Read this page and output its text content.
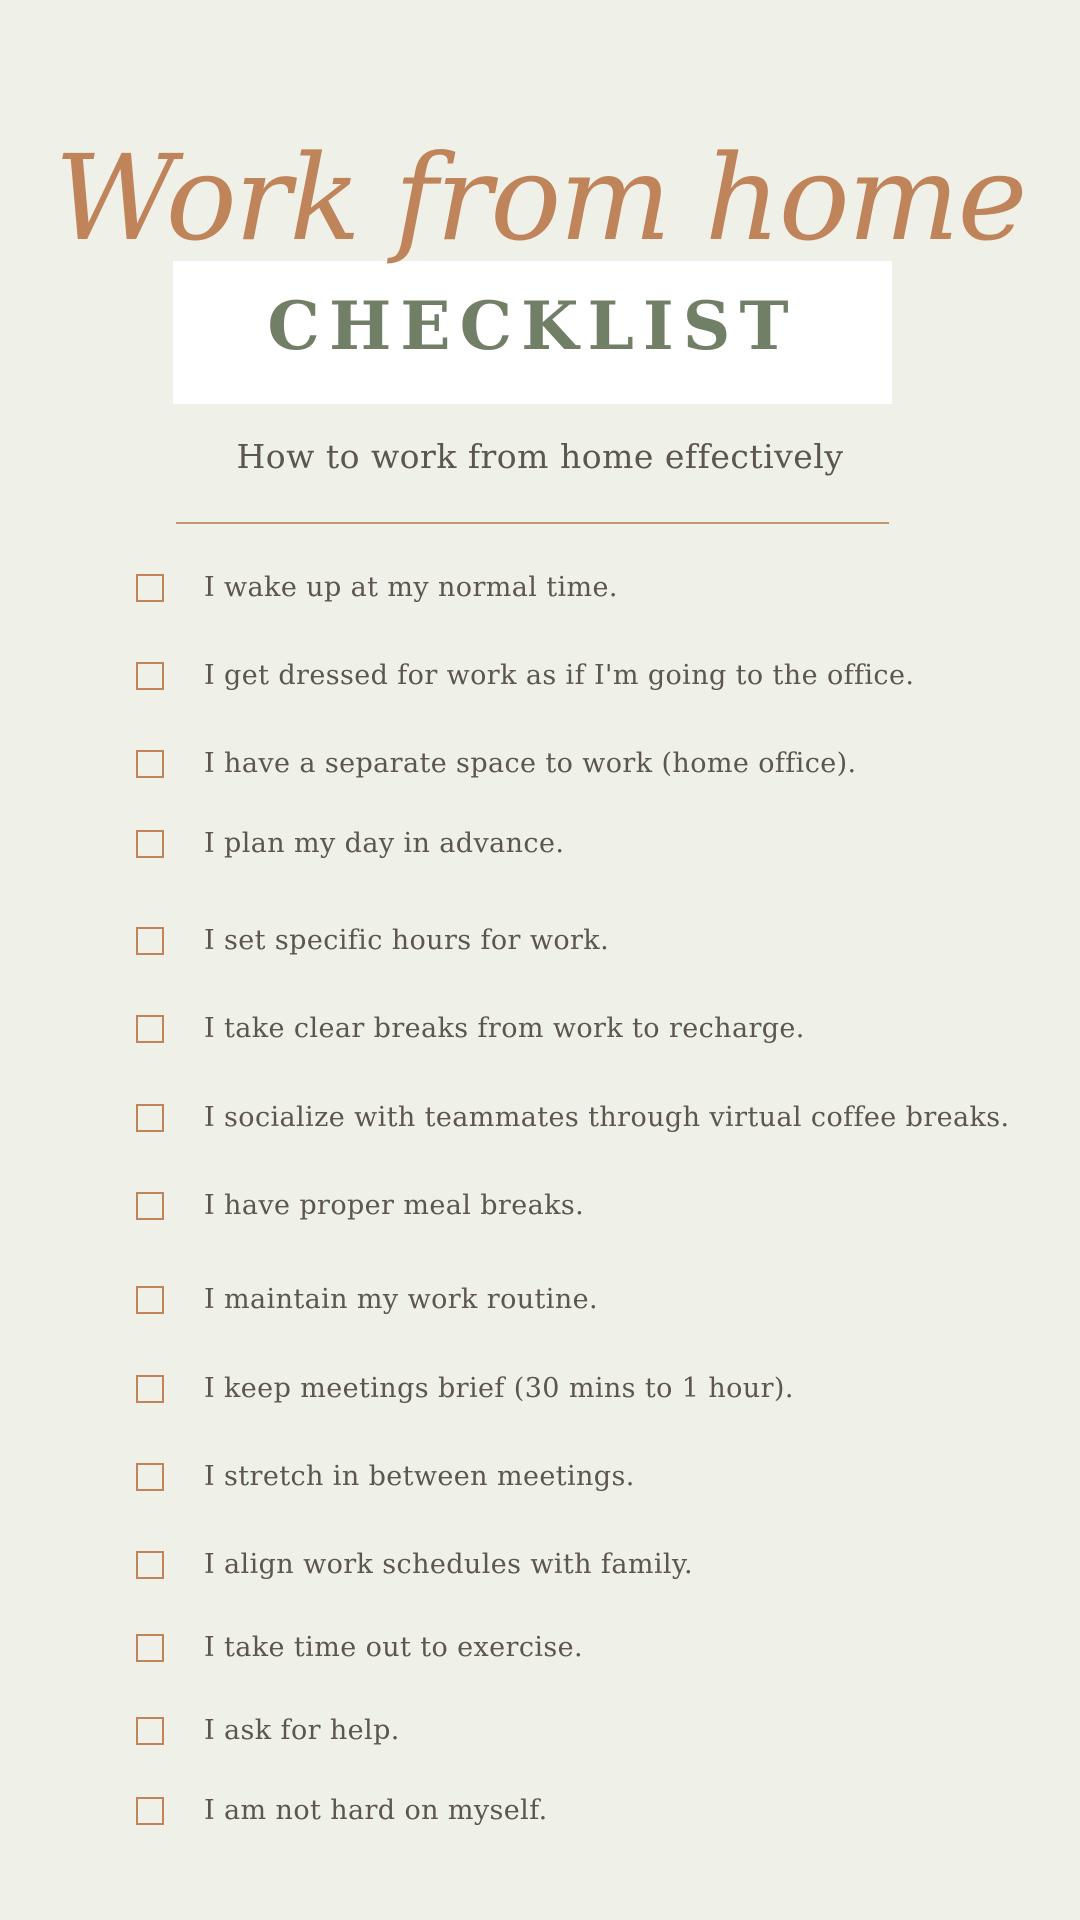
Work from home
CHECKLIST
How to work from home effectively
I wake up at my normal time.
I get dressed for work as if I'm going to the office.
I have a separate space to work (home office).
I plan my day in advance.
I set specific hours for work.
I take clear breaks from work to recharge.
I socialize with teammates through virtual coffee breaks.
I have proper meal breaks.
I maintain my work routine.
I keep meetings brief (30 mins to 1 hour).
I stretch in between meetings.
I align work schedules with family.
I take time out to exercise.
I ask for help.
I am not hard on myself.
